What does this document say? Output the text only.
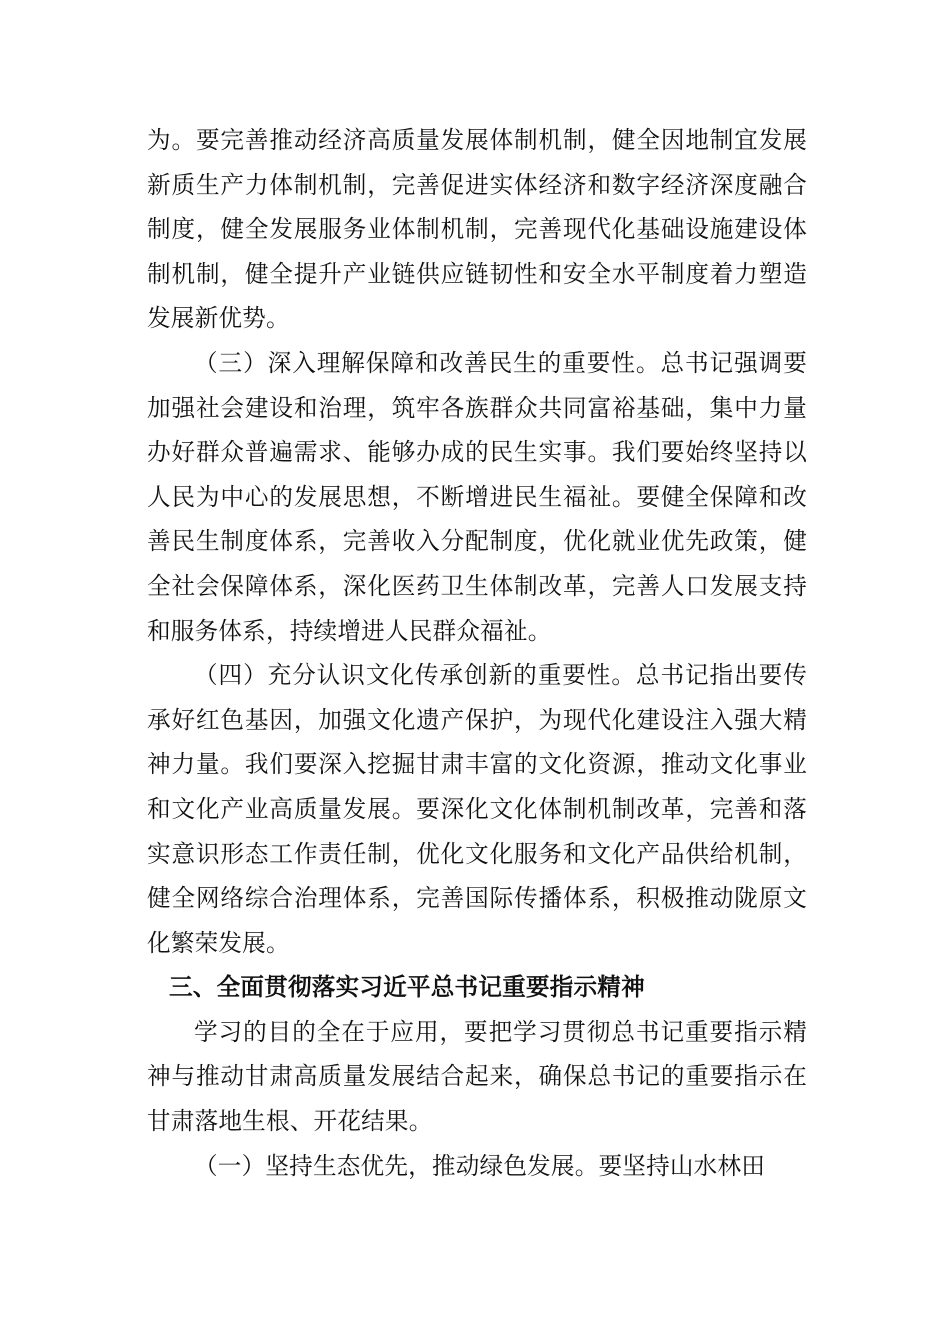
为。要完善推动经济高质量发展体制机制，健全因地制宜发展新质生产力体制机制，完善促进实体经济和数字经济深度融合制度，健全发展服务业体制机制，完善现代化基础设施建设体制机制，健全提升产业链供应链韧性和安全水平制度着力塑造发展新优势。

（三）深入理解保障和改善民生的重要性。总书记强调要加强社会建设和治理，筑牢各族群众共同富裕基础，集中力量办好群众普遍需求、能够办成的民生实事。我们要始终坚持以人民为中心的发展思想，不断增进民生福祉。要健全保障和改善民生制度体系，完善收入分配制度，优化就业优先政策，健全社会保障体系，深化医药卫生体制改革，完善人口发展支持和服务体系，持续增进人民群众福祉。

（四）充分认识文化传承创新的重要性。总书记指出要传承好红色基因，加强文化遗产保护，为现代化建设注入强大精神力量。我们要深入挖掘甘肃丰富的文化资源，推动文化事业和文化产业高质量发展。要深化文化体制机制改革，完善和落实意识形态工作责任制，优化文化服务和文化产品供给机制，健全网络综合治理体系，完善国际传播体系，积极推动陇原文化繁荣发展。

三、全面贯彻落实习近平总书记重要指示精神

学习的目的全在于应用，要把学习贯彻总书记重要指示精神与推动甘肃高质量发展结合起来，确保总书记的重要指示在甘肃落地生根、开花结果。

（一）坚持生态优先，推动绿色发展。要坚持山水林田
